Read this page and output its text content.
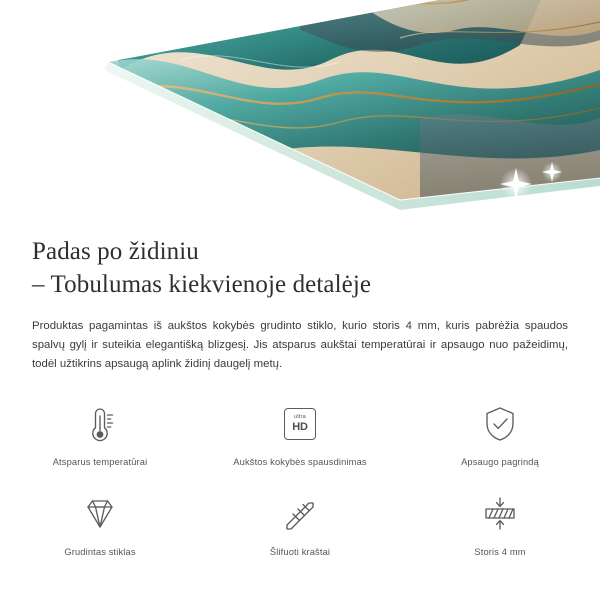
Padas po židiniu
– Tobulumas kiekvienoje detalėje

Produktas pagamintas iš aukštos kokybės grudinto stiklo, kurio storis 4 mm, kuris pabrėžia spaudos spalvų gylį ir suteikia elegantišką blizgesį. Jis atsparus aukštai temperatūrai ir apsaugo nuo pažeidimų, todėl užtikrins apsaugą aplink židinį daugelį metų.

Atsparus temperatūrai
ultra
HD
Aukštos kokybės spausdinimas	Apsaugo pagrindą
Grudintas stiklas	Šlifuoti kraštai	Storis 4 mm
